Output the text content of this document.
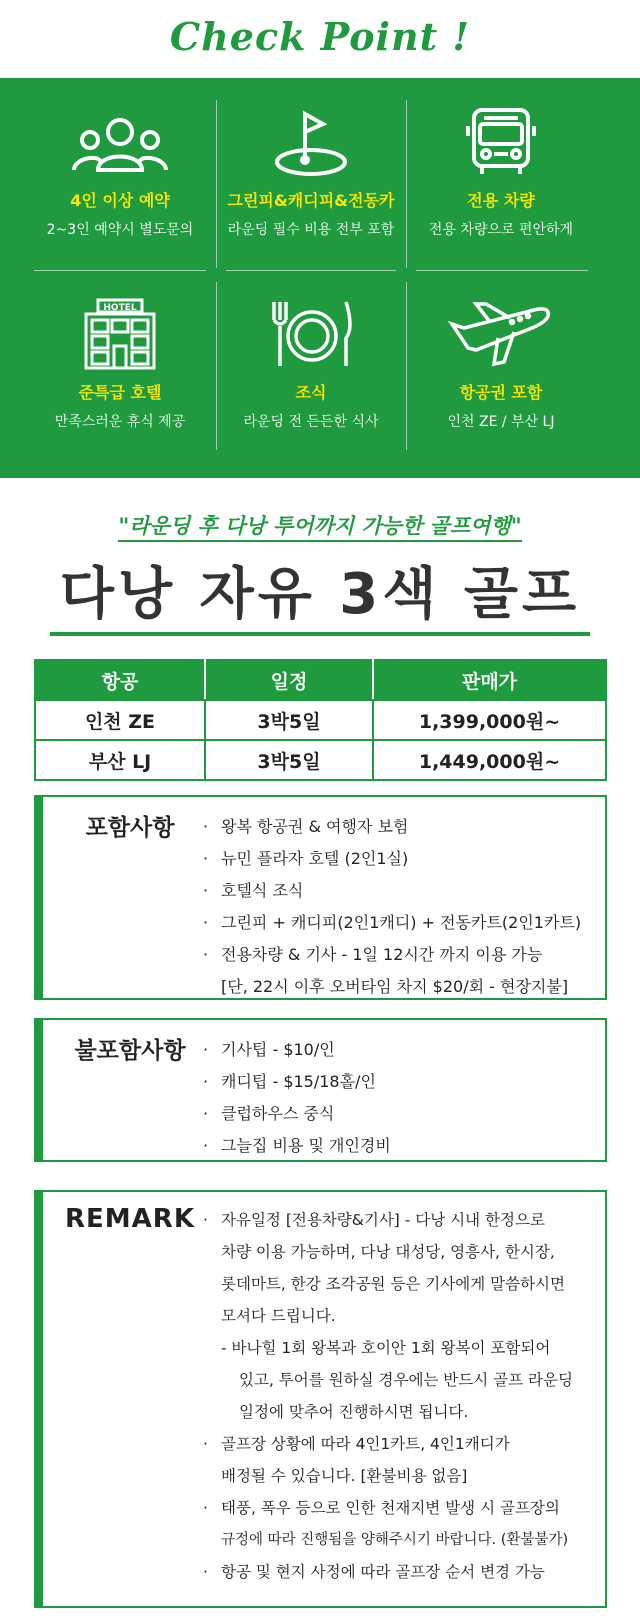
Check Point !
4인 이상 예약
2~3인 예약시 별도문의
그린피&캐디피&전동카
라운딩 필수 비용 전부 포함
전용 차량
전용 차량으로 편안하게
HOTEL
준특급 호텔
만족스러운 휴식 제공
조식
라운딩 전 든든한 식사
항공권 포함
인천 ZE / 부산 LJ
"라운딩 후 다낭 투어까지 가능한 골프여행"
다낭 자유 3색 골프
항공	일정	판매가
인천 ZE	3박5일	1,399,000원~
부산 LJ	3박5일	1,449,000원~
포함사항	· 왕복 항공권 & 여행자 보험
· 뉴민 플라자 호텔 (2인1실)
· 호텔식 조식
· 그린피 + 캐디피(2인1캐디) + 전동카트(2인1카트)
· 전용차량 & 기사 - 1일 12시간 까지 이용 가능
[단, 22시 이후 오버타임 차지 $20/회 - 현장지불]
불포함사항	· 기사팁 - $10/인
· 캐디팁 - $15/18홀/인
· 클럽하우스 중식
· 그늘집 비용 및 개인경비
REMARK · 자유일정 [전용차량&기사] - 다낭 시내 한정으로
차량 이용 가능하며, 다낭 대성당, 영흥사, 한시장,
롯데마트, 한강 조각공원 등은 기사에게 말씀하시면
모셔다 드립니다.
- 바나힐 1회 왕복과 호이안 1회 왕복이 포함되어
있고, 투어를 원하실 경우에는 반드시 골프 라운딩
일정에 맞추어 진행하시면 됩니다.
· 골프장 상황에 따라 4인1카트, 4인1캐디가
배정될 수 있습니다. [환불비용 없음]
· 태풍, 폭우 등으로 인한 천재지변 발생 시 골프장의
규정에 따라 진행됨을 양해주시기 바랍니다. (환불불가)
· 항공 및 현지 사정에 따라 골프장 순서 변경 가능
